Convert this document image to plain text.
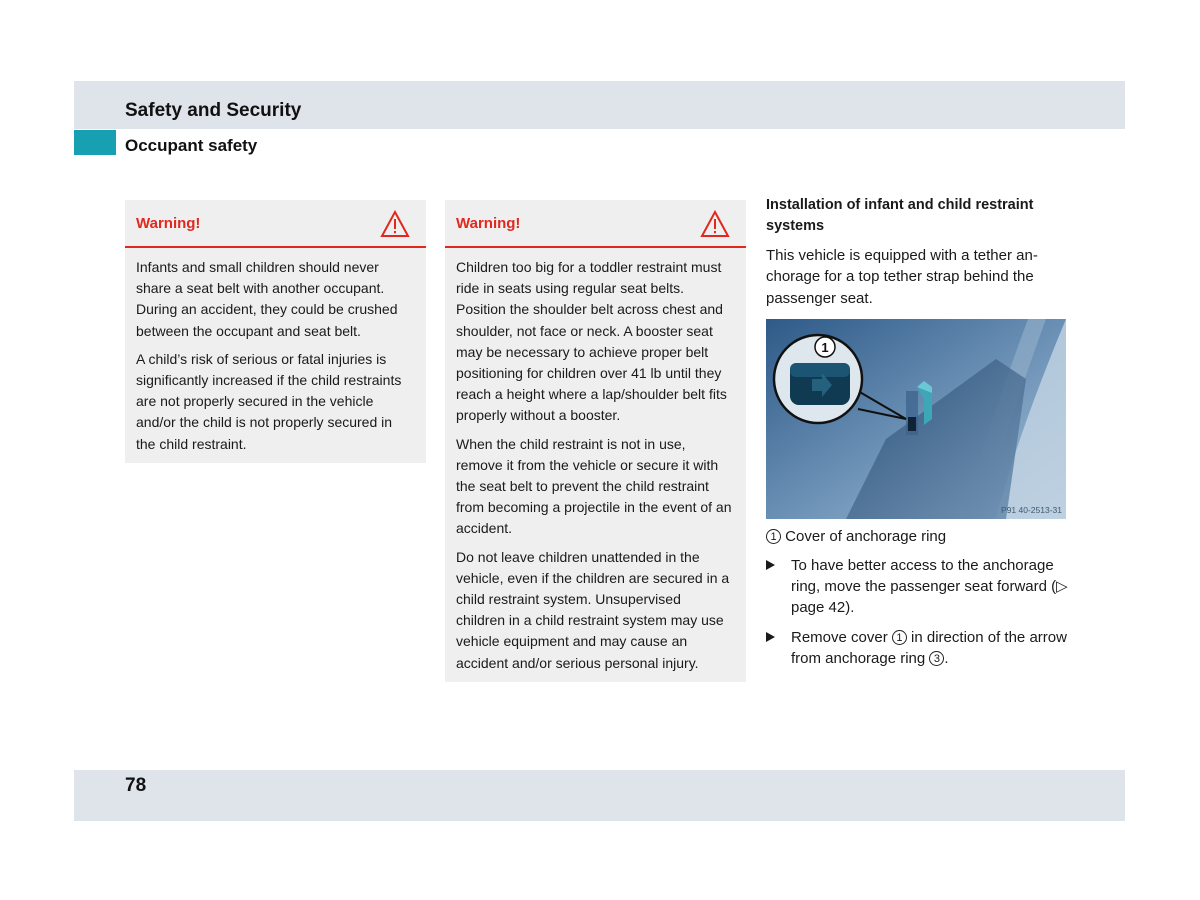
Safety and Security
Occupant safety
Warning!

Infants and small children should never share a seat belt with another occupant. During an accident, they could be crushed between the occupant and seat belt.

A child’s risk of serious or fatal injuries is significantly increased if the child restraints are not properly secured in the vehicle and/or the child is not properly secured in the child restraint.

Warning!

Children too big for a toddler restraint must ride in seats using regular seat belts. Position the shoulder belt across chest and shoulder, not face or neck. A booster seat may be necessary to achieve proper belt positioning for children over 41 lb until they reach a height where a lap/shoulder belt fits properly without a booster.

When the child restraint is not in use, remove it from the vehicle or secure it with the seat belt to prevent the child restraint from becoming a projectile in the event of an accident.

Do not leave children unattended in the vehicle, even if the children are secured in a child restraint system. Unsupervised children in a child restraint system may use vehicle equipment and may cause an accident and/or serious personal injury.

Installation of infant and child restraint systems

This vehicle is equipped with a tether an-chorage for a top tether strap behind the passenger seat.

1
P91 40-2513-31
1 Cover of anchorage ring
To have better access to the anchorage ring, move the passenger seat forward (▷ page 42).
Remove cover 1 in direction of the arrow from anchorage ring 3 .
78
